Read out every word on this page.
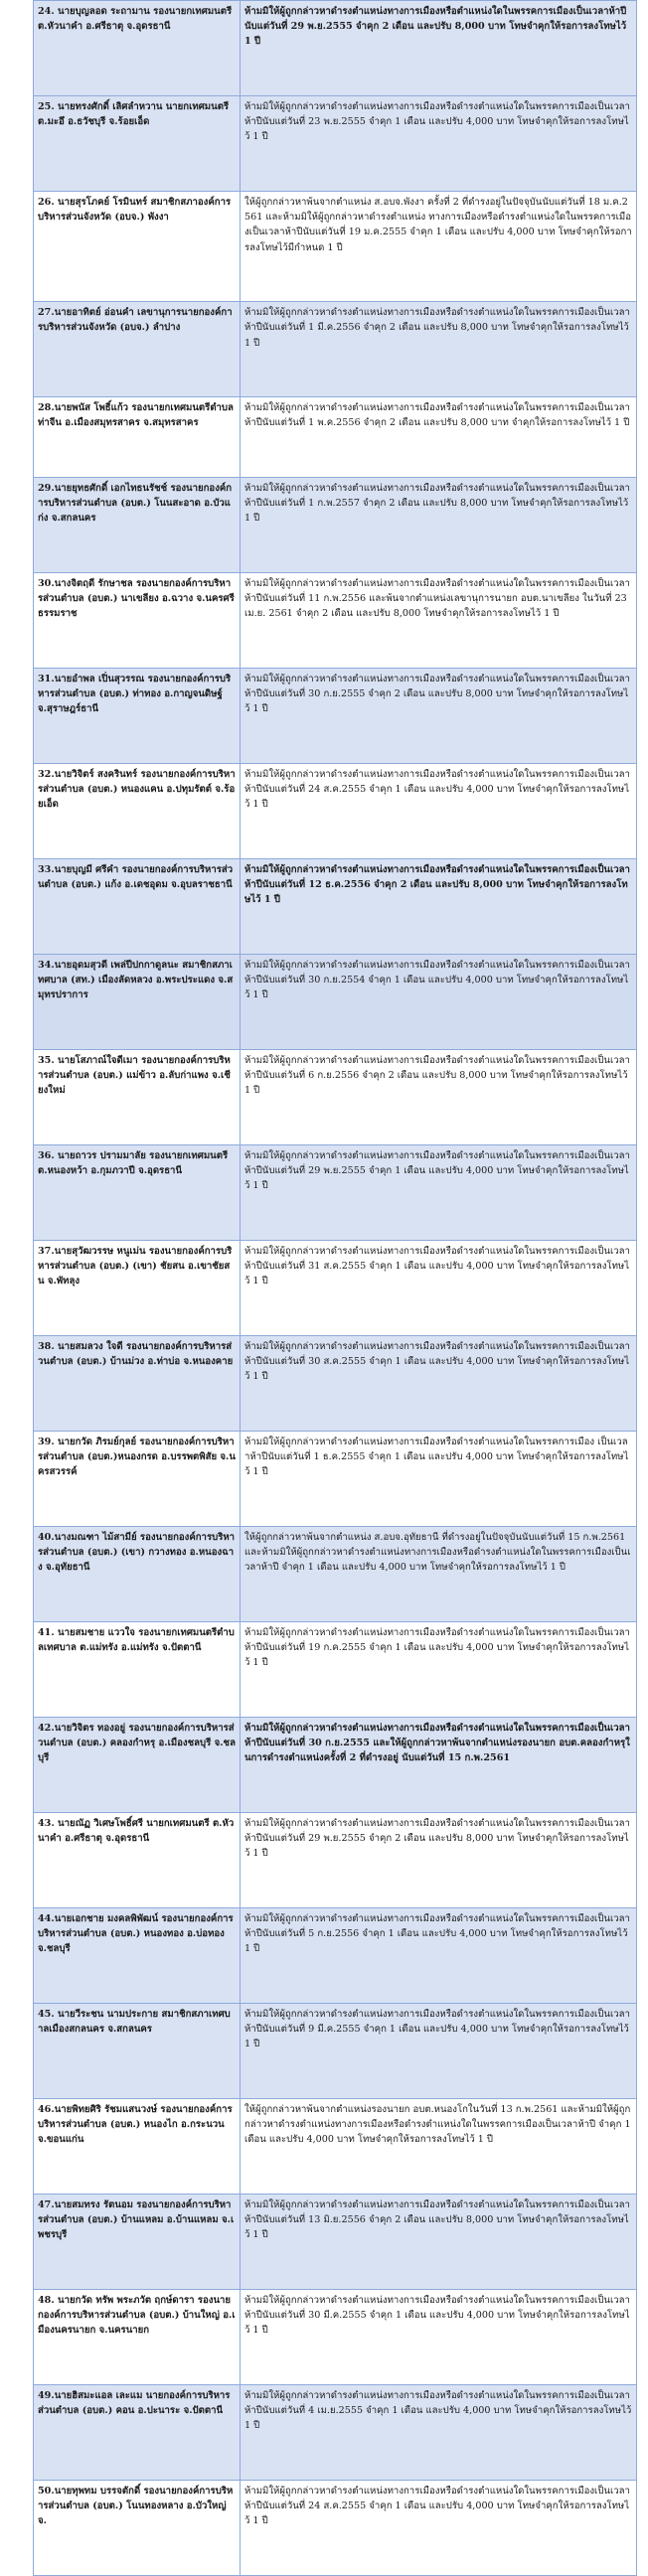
24. นายบุญลอด ระถามาน รองนายกเทศมนตรี ต.หัวนาคำ อ.ศรีธาตุ จ.อุดรธานี	ห้ามมิให้ผู้ถูกกล่าวหาดำรงตำแหน่งทางการเมืองหรือตำแหน่งใดในพรรคการเมืองเป็นเวลาห้าปีนับแต่วันที่ 29 พ.ย.2555 จำคุก 2 เดือน และปรับ 8,000 บาท โทษจำคุกให้รอการลงโทษไว้ 1 ปี
25. นายทรงศักดิ์ เลิศลำหวาน นายกเทศมนตรี ต.มะอึ อ.ธวัชบุรี จ.ร้อยเอ็ด	ห้ามมิให้ผู้ถูกกล่าวหาดำรงตำแหน่งทางการเมืองหรือดำรงตำแหน่งใดในพรรคการเมืองเป็นเวลาห้าปีนับแต่วันที่ 23 พ.ย.2555 จำคุก 1 เดือน และปรับ 4,000 บาท โทษจำคุกให้รอการลงโทษไว้ 1 ปี
26. นายสุรโภคย์ โรมินทร์ สมาชิกสภาองค์การบริหารส่วนจังหวัด (อบจ.) พังงา	ให้ผู้ถูกกล่าวหาพ้นจากตำแหน่ง ส.อบจ.พังงา ครั้งที่ 2 ที่ดำรงอยู่ในปัจจุบันนับแต่วันที่ 18 ม.ค.2561 และห้ามมิให้ผู้ถูกกล่าวหาดำรงตำแหน่ง ทางการเมืองหรือดำรงตำแหน่งใดในพรรคการเมืองเป็นเวลาห้าปีนับแต่วันที่ 19 ม.ค.2555 จำคุก 1 เดือน และปรับ 4,000 บาท โทษจำคุกให้รอการลงโทษไว้มีกำหนด 1 ปี
27.นายอาทิตย์ อ่อนคำ เลขานุการนายกองค์การบริหารส่วนจังหวัด (อบจ.) ลำปาง	ห้ามมิให้ผู้ถูกกล่าวหาดำรงตำแหน่งทางการเมืองหรือดำรงตำแหน่งใดในพรรคการเมืองเป็นเวลาห้าปีนับแต่วันที่ 1 มี.ค.2556 จำคุก 2 เดือน และปรับ 8,000 บาท โทษจำคุกให้รอการลงโทษไว้ 1 ปี
28.นายพนัส โพธิ์แก้ว รองนายกเทศมนตรีตำบลท่าจีน อ.เมืองสมุทรสาคร จ.สมุทรสาคร	ห้ามมิให้ผู้ถูกกล่าวหาดำรงตำแหน่งทางการเมืองหรือดำรงตำแหน่งใดในพรรคการเมืองเป็นเวลาห้าปีนับแต่วันที่ 1 พ.ค.2556 จำคุก 2 เดือน และปรับ 8,000 บาท จำคุกให้รอการลงโทษไว้ 1 ปี
29.นายยุทธศักดิ์ เอกไทธนรัชช์ รองนายกองค์การบริหารส่วนตำบล (อบต.) โนนสะอาด อ.บัวแก่ง จ.สกลนคร	ห้ามมิให้ผู้ถูกกล่าวหาดำรงตำแหน่งทางการเมืองหรือดำรงตำแหน่งใดในพรรคการเมืองเป็นเวลาห้าปีนับแต่วันที่ 1 ก.พ.2557 จำคุก 2 เดือน และปรับ 8,000 บาท โทษจำคุกให้รอการลงโทษไว้ 1 ปี
30.นางจิตฤดี รักษาชล รองนายกองค์การบริหารส่วนตำบล (อบต.) นาเขลียง อ.ฉวาง จ.นครศรีธรรมราช	ห้ามมิให้ผู้ถูกกล่าวหาดำรงตำแหน่งทางการเมืองหรือดำรงตำแหน่งใดในพรรคการเมืองเป็นเวลาห้าปีนับแต่วันที่ 11 ก.พ.2556 และพ้นจากตำแหน่งเลขานุการนายก อบต.นาเขลียง ในวันที่ 23 เม.ย. 2561 จำคุก 2 เดือน และปรับ 8,000 โทษจำคุกให้รอการลงโทษไว้ 1 ปี
31.นายอำพล เปิ่นสุวรรณ รองนายกองค์การบริหารส่วนตำบล (อบต.) ท่าทอง อ.กาญจนดิษฐ์ จ.สุราษฎร์ธานี	ห้ามมิให้ผู้ถูกกล่าวหาดำรงตำแหน่งทางการเมืองหรือดำรงตำแหน่งใดในพรรคการเมืองเป็นเวลาห้าปีนับแต่วันที่ 30 ก.ย.2555 จำคุก 2 เดือน และปรับ 8,000 บาท โทษจำคุกให้รอการลงโทษไว้ 1 ปี
32.นายวิจิตร์ สงครินทร์ รองนายกองค์การบริหารส่วนตำบล (อบต.) หนองแคน อ.ปทุมรัตต์ จ.ร้อยเอ็ด	ห้ามมิให้ผู้ถูกกล่าวหาดำรงตำแหน่งทางการเมืองหรือดำรงตำแหน่งใดในพรรคการเมืองเป็นเวลาห้าปีนับแต่วันที่ 24 ส.ค.2555 จำคุก 1 เดือน และปรับ 4,000 บาท โทษจำคุกให้รอการลงโทษไว้ 1 ปี
33.นายบุญมี ศรีคำ รองนายกองค์การบริหารส่วนตำบล (อบต.) แก้ง อ.เดชอุดม จ.อุบลราชธานี	ห้ามมิให้ผู้ถูกกล่าวหาดำรงตำแหน่งทางการเมืองหรือดำรงตำแหน่งใดในพรรคการเมืองเป็นเวลาห้าปีนับแต่วันที่ 12 ธ.ค.2556 จำคุก 2 เดือน และปรับ 8,000 บาท โทษจำคุกให้รอการลงโทษไว้ 1 ปี
34.นายอุดมสุวดี เพล่ปีปกกาดูลนะ สมาชิกสภาเทศบาล (สท.) เมืองลัดหลวง อ.พระประแดง จ.สมุทรปราการ	ห้ามมิให้ผู้ถูกกล่าวหาดำรงตำแหน่งทางการเมืองหรือดำรงตำแหน่งใดในพรรคการเมืองเป็นเวลาห้าปีนับแต่วันที่ 30 ก.ย.2554 จำคุก 1 เดือน และปรับ 4,000 บาท โทษจำคุกให้รอการลงโทษไว้ 1 ปี
35. นายโสภาณ์ใจดีเมา รองนายกองค์การบริหารส่วนตำบล (อบต.) แม่ข้าว อ.ลับก่าแพง จ.เชียงใหม่	ห้ามมิให้ผู้ถูกกล่าวหาดำรงตำแหน่งทางการเมืองหรือดำรงตำแหน่งใดในพรรคการเมืองเป็นเวลาห้าปีนับแต่วันที่ 6 ก.ย.2556 จำคุก 2 เดือน และปรับ 8,000 บาท โทษจำคุกให้รอการลงโทษไว้ 1 ปี
36. นายถาวร ปรามมาลัย รองนายกเทศมนตรี ต.หนองหว้า อ.กุมภวาปี จ.อุดรธานี	ห้ามมิให้ผู้ถูกกล่าวหาดำรงตำแหน่งทางการเมืองหรือดำรงตำแหน่งใดในพรรคการเมืองเป็นเวลาห้าปีนับแต่วันที่ 29 พ.ย.2555 จำคุก 1 เดือน และปรับ 4,000 บาท โทษจำคุกให้รอการลงโทษไว้ 1 ปี
37.นายสุวัฒวรรษ หนูเม่น รองนายกองค์การบริหารส่วนตำบล (อบต.) (เขา) ชัยสน อ.เขาชัยสน จ.พัทลุง	ห้ามมิให้ผู้ถูกกล่าวหาดำรงตำแหน่งทางการเมืองหรือดำรงตำแหน่งใดในพรรคการเมืองเป็นเวลาห้าปีนับแต่วันที่ 31 ส.ค.2555 จำคุก 1 เดือน และปรับ 4,000 บาท โทษจำคุกให้รอการลงโทษไว้ 1 ปี
38. นายสมลวง ใจดี รองนายกองค์การบริหารส่วนตำบล (อบต.) บ้านม่วง อ.ท่าบ่อ จ.หนองคาย	ห้ามมิให้ผู้ถูกกล่าวหาดำรงตำแหน่งทางการเมืองหรือดำรงตำแหน่งใดในพรรคการเมืองเป็นเวลาห้าปีนับแต่วันที่ 30 ส.ค.2555 จำคุก 1 เดือน และปรับ 4,000 บาท โทษจำคุกให้รอการลงโทษไว้ 1 ปี
39. นายกวัด ภิรมย์กุลย์ รองนายกองค์การบริหารส่วนตำบล (อบต.)หนองกรด อ.บรรพตพิสัย จ.นครสวรรค์	ห้ามมิให้ผู้ถูกกล่าวหาดำรงตำแหน่งทางการเมืองหรือดำรงตำแหน่งใดในพรรคการเมือง เป็นเวลาห้าปีนับแต่วันที่ 1 ธ.ค.2555 จำคุก 1 เดือน และปรับ 4,000 บาท โทษจำคุกให้รอการลงโทษไว้ 1 ปี
40.นางมณฑา ไม้สามีย์ รองนายกองค์การบริหารส่วนตำบล (อบต.) (เขา) กวางทอง อ.หนองฉาง จ.อุทัยธานี	ให้ผู้ถูกกล่าวหาพ้นจากตำแหน่ง ส.อบจ.อุทัยธานี ที่ดำรงอยู่ในปัจจุบันนับแต่วันที่ 15 ก.พ.2561 และห้ามมิให้ผู้ถูกกล่าวหาดำรงตำแหน่งทางการเมืองหรือดำรงตำแหน่งใดในพรรคการเมืองเป็นเวลาห้าปี จำคุก 1 เดือน และปรับ 4,000 บาท โทษจำคุกให้รอการลงโทษไว้ 1 ปี
41. นายสมชาย แววใจ รองนายกเทศมนตรีตำบลเทศบาล ต.แม่ทรัง อ.แม่ทรัง จ.ปัตตานี	ห้ามมิให้ผู้ถูกกล่าวหาดำรงตำแหน่งทางการเมืองหรือดำรงตำแหน่งใดในพรรคการเมืองเป็นเวลาห้าปีนับแต่วันที่ 19 ก.ค.2555 จำคุก 1 เดือน และปรับ 4,000 บาท โทษจำคุกให้รอการลงโทษไว้ 1 ปี
42.นายวิจิตร ทองอยู่ รองนายกองค์การบริหารส่วนตำบล (อบต.) คลองกำหรุ อ.เมืองชลบุรี จ.ชลบุรี	ห้ามมิให้ผู้ถูกกล่าวหาดำรงตำแหน่งทางการเมืองหรือดำรงตำแหน่งใดในพรรคการเมืองเป็นเวลาห้าปีนับแต่วันที่ 30 ก.ย.2555 และให้ผู้ถูกกล่าวหาพ้นจากตำแหน่งรองนายก อบต.คลองกำหรุในการดำรงตำแหน่งครั้งที่ 2 ที่ดำรงอยู่ นับแต่วันที่ 15 ก.พ.2561
43. นายณัฏ วิเศษโพธิ์ศรี นายกเทศมนตรี ต.หัวนาคำ อ.ศรีธาตุ จ.อุดรธานี	ห้ามมิให้ผู้ถูกกล่าวหาดำรงตำแหน่งทางการเมืองหรือดำรงตำแหน่งใดในพรรคการเมืองเป็นเวลาห้าปีนับแต่วันที่ 29 พ.ย.2555 จำคุก 2 เดือน และปรับ 8,000 บาท โทษจำคุกให้รอการลงโทษไว้ 1 ปี
44.นายเอกชาย มงคลพิพัฒน์ รองนายกองค์การบริหารส่วนตำบล (อบต.) หนองทอง อ.บ่อทอง จ.ชลบุรี	ห้ามมิให้ผู้ถูกกล่าวหาดำรงตำแหน่งทางการเมืองหรือดำรงตำแหน่งใดในพรรคการเมืองเป็นเวลาห้าปีนับแต่วันที่ 5 ก.ย.2556 จำคุก 1 เดือน และปรับ 4,000 บาท โทษจำคุกให้รอการลงโทษไว้ 1 ปี
45. นายวีระชน นามประกาย สมาชิกสภาเทศบาลเมืองสกลนคร จ.สกลนคร	ห้ามมิให้ผู้ถูกกล่าวหาดำรงตำแหน่งทางการเมืองหรือดำรงตำแหน่งใดในพรรคการเมืองเป็นเวลาห้าปีนับแต่วันที่ 9 มี.ค.2555 จำคุก 1 เดือน และปรับ 4,000 บาท โทษจำคุกให้รอการลงโทษไว้ 1 ปี
46.นายพิทยศิริ รัชมแสนวงษ์ รองนายกองค์การบริหารส่วนตำบล (อบต.) หนองไก อ.กระนวน จ.ขอนแก่น	ให้ผู้ถูกกล่าวหาพ้นจากตำแหน่งรองนายก อบต.หนองโกในวันที่ 13 ก.พ.2561 และห้ามมิให้ผู้ถูกกล่าวหาดำรงตำแหน่งทางการเมืองหรือดำรงตำแหน่งใดในพรรคการเมืองเป็นเวลาห้าปี จำคุก 1 เดือน และปรับ 4,000 บาท โทษจำคุกให้รอการลงโทษไว้ 1 ปี
47.นายสมทรง รัตนอม รองนายกองค์การบริหารส่วนตำบล (อบต.) บ้านแหลม อ.บ้านแหลม จ.เพชรบุรี	ห้ามมิให้ผู้ถูกกล่าวหาดำรงตำแหน่งทางการเมืองหรือดำรงตำแหน่งใดในพรรคการเมืองเป็นเวลาห้าปีนับแต่วันที่ 13 มิ.ย.2556 จำคุก 2 เดือน และปรับ 8,000 บาท โทษจำคุกให้รอการลงโทษไว้ 1 ปี
48. นายกวัด ทรัพ พระภวัต ฤกษ์ดารา รองนายกองค์การบริหารส่วนตำบล (อบต.) บ้านใหญ่ อ.เมืองนครนายก จ.นครนายก	ห้ามมิให้ผู้ถูกกล่าวหาดำรงตำแหน่งทางการเมืองหรือดำรงตำแหน่งใดในพรรคการเมืองเป็นเวลาห้าปีนับแต่วันที่ 30 มี.ค.2555 จำคุก 1 เดือน และปรับ 4,000 บาท โทษจำคุกให้รอการลงโทษไว้ 1 ปี
49.นายฮิสมะแอล เละแม นายกองค์การบริหารส่วนตำบล (อบต.) คอน อ.ปะนาระ จ.ปัตตานี	ห้ามมิให้ผู้ถูกกล่าวหาดำรงตำแหน่งทางการเมืองหรือดำรงตำแหน่งใดในพรรคการเมืองเป็นเวลาห้าปีนับแต่วันที่ 4 เม.ย.2555 จำคุก 1 เดือน และปรับ 4,000 บาท โทษจำคุกให้รอการลงโทษไว้ 1 ปี
50.นายทุพทม บรรจตักดิ์ รองนายกองค์การบริหารส่วนตำบล (อบต.) โนนทองหลาง อ.บัวใหญ่ จ.	ห้ามมิให้ผู้ถูกกล่าวหาดำรงตำแหน่งทางการเมืองหรือดำรงตำแหน่งใดในพรรคการเมืองเป็นเวลาห้าปีนับแต่วันที่ 24 ส.ค.2555 จำคุก 1 เดือน และปรับ 4,000 บาท โทษจำคุกให้รอการลงโทษไว้ 1 ปี
